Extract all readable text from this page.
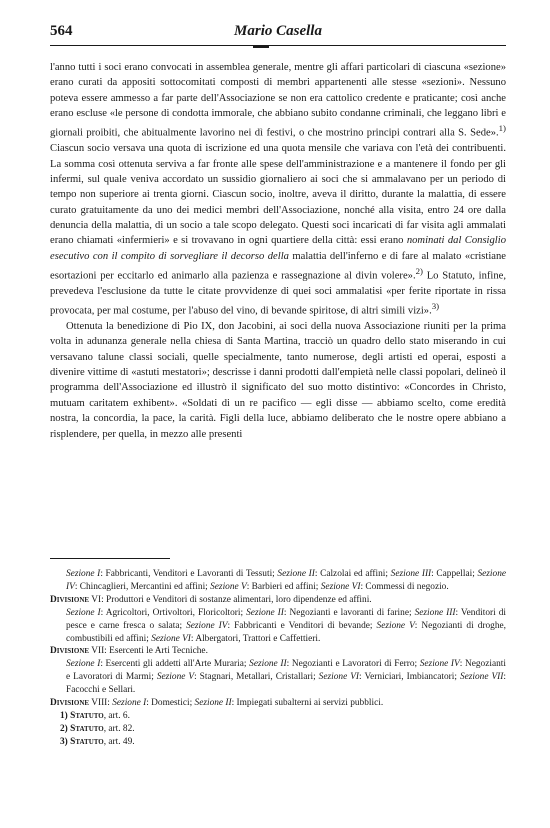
564	Mario Casella

l'anno tutti i soci erano convocati in assemblea generale, mentre gli affari particolari di ciascuna «sezione» erano curati da appositi sottocomitati composti di membri appartenenti alle stesse «sezioni». Nessuno poteva essere ammesso a far parte dell'Associazione se non era cattolico credente e praticante; così anche erano escluse «le persone di condotta immorale, che abbiano subito condanne criminali, che leggano libri e giornali proibiti, che abitualmente lavorino nei dì festivi, o che mostrino principi contrari alla S. Sede».$^{1)}$ Ciascun socio versava una quota di iscrizione ed una quota mensile che variava con l'età dei contribuenti. La somma così ottenuta serviva a far fronte alle spese dell'amministrazione e a mantenere il fondo per gli infermi, sul quale veniva accordato un sussidio giornaliero ai soci che si ammalavano per un periodo di tempo non superiore ai trenta giorni. Ciascun socio, inoltre, aveva il diritto, durante la malattia, di essere curato gratuitamente da uno dei medici membri dell'Associazione, nonché alla visita, entro 24 ore dalla denuncia della malattia, di un socio a tale scopo delegato. Questi soci incaricati di far visita agli ammalati erano chiamati «infermieri» e si trovavano in ogni quartiere della città: essi erano nominati dal Consiglio esecutivo con il compito di sorvegliare il decorso della malattia dell'inferno e di fare al malato «cristiane esortazioni per eccitarlo ed animarlo alla pazienza e rassegnazione al divin volere».$^{2)}$ Lo Statuto, infine, prevedeva l'esclusione da tutte le citate provvidenze di quei soci ammalatisi «per ferite riportate in rissa provocata, per mal costume, per l'abuso del vino, di bevande spiritose, di altri simili vizi».$^{3)}$

Ottenuta la benedizione di Pio IX, don Jacobini, ai soci della nuova Associazione riuniti per la prima volta in adunanza generale nella chiesa di Santa Martina, tracciò un quadro dello stato miserando in cui versavano talune classi sociali, quelle specialmente, tanto numerose, degli artisti ed operai, esposti a divenire vittime di «astuti mestatori»; descrisse i danni prodotti dall'empietà nelle classi popolari, delineò il programma dell'Associazione ed illustrò il significato del suo motto distintivo: «Concordes in Christo, mutuam caritatem exhibent». «Soldati di un re pacifico — egli disse — abbiamo scelto, come eredità nostra, la concordia, la pace, la carità. Figli della luce, abbiamo deliberato che le nostre opere abbiano a risplendere, per quella, in mezzo alle presenti

Sezione I: Fabbricanti, Venditori e Lavoranti di Tessuti; Sezione II: Calzolai ed affini; Sezione III: Cappellai; Sezione IV: Chincaglieri, Mercantini ed affini; Sezione V: Barbieri ed affini; Sezione VI: Commessi di negozio.

Divisione VI: Produttori e Venditori di sostanze alimentari, loro dipendenze ed affini.

Sezione I: Agricoltori, Ortivoltori, Floricoltori; Sezione II: Negozianti e lavoranti di farine; Sezione III: Venditori di pesce e carne fresca o salata; Sezione IV: Fabbricanti e Venditori di bevande; Sezione V: Negozianti di droghe, combustibili ed affini; Sezione VI: Albergatori, Trattori e Caffettieri.

Divisione VII: Esercenti le Arti Tecniche.

Sezione I: Esercenti gli addetti all'Arte Muraria; Sezione II: Negozianti e Lavoratori di Ferro; Sezione IV: Negozianti e Lavoratori di Marmi; Sezione V: Stagnari, Metallari, Cristallari; Sezione VI: Verniciari, Imbiancatori; Sezione VII: Facocchi e Sellari.

Divisione VIII: Sezione I: Domestici; Sezione II: Impiegati subalterni ai servizi pubblici.

1) Statuto, art. 6.

2) Statuto, art. 82.

3) Statuto, art. 49.
